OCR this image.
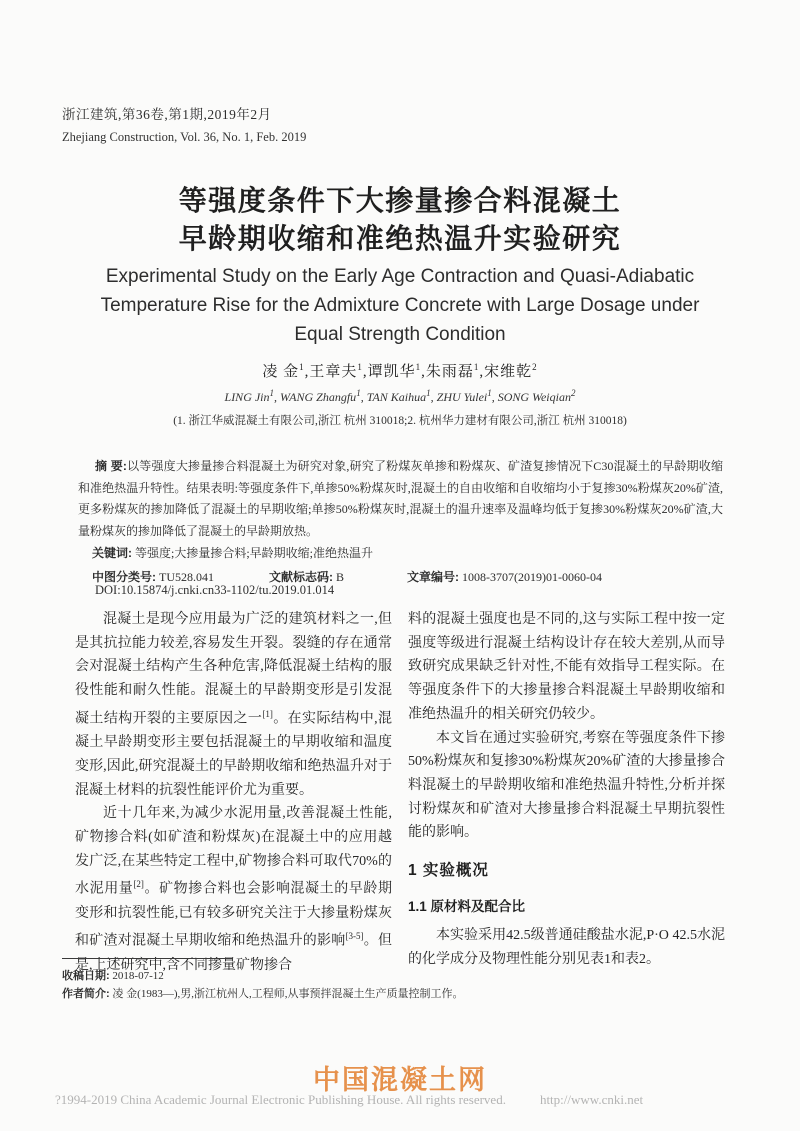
浙江建筑,第36卷,第1期,2019年2月
Zhejiang Construction, Vol. 36, No. 1, Feb. 2019
等强度条件下大掺量掺合料混凝土
早龄期收缩和准绝热温升实验研究
Experimental Study on the Early Age Contraction and Quasi-Adiabatic
Temperature Rise for the Admixture Concrete with Large Dosage under
Equal Strength Condition
凌 金$^1$,王章夫$^1$,谭凯华$^1$,朱雨磊$^1$,宋维乾$^2$
LING Jin$^1$, WANG Zhangfu$^1$, TAN Kaihua$^1$, ZHU Yulei$^1$, SONG Weiqian$^2$
(1. 浙江华威混凝土有限公司,浙江 杭州 310018;2. 杭州华力建材有限公司,浙江 杭州 310018)

摘 要:以等强度大掺量掺合料混凝土为研究对象,研究了粉煤灰单掺和粉煤灰、矿渣复掺情况下C30混凝土的早龄期收缩和准绝热温升特性。结果表明:等强度条件下,单掺50%粉煤灰时,混凝土的自由收缩和自收缩均小于复掺30%粉煤灰20%矿渣,更多粉煤灰的掺加降低了混凝土的早期收缩;单掺50%粉煤灰时,混凝土的温升速率及温峰均低于复掺30%粉煤灰20%矿渣,大量粉煤灰的掺加降低了混凝土的早龄期放热。

关键词: 等强度;大掺量掺合料;早龄期收缩;准绝热温升

中图分类号: TU528.041	文献标志码: B	文章编号: 1008-3707(2019)01-0060-04

DOI:10.15874/j.cnki.cn33-1102/tu.2019.01.014

混凝土是现今应用最为广泛的建筑材料之一,但是其抗拉能力较差,容易发生开裂。裂缝的存在通常会对混凝土结构产生各种危害,降低混凝土结构的服役性能和耐久性能。混凝土的早龄期变形是引发混凝土结构开裂的主要原因之一[1]。在实际结构中,混凝土早龄期变形主要包括混凝土的早期收缩和温度变形,因此,研究混凝土的早龄期收缩和绝热温升对于混凝土材料的抗裂性能评价尤为重要。

近十几年来,为减少水泥用量,改善混凝土性能,矿物掺合料(如矿渣和粉煤灰)在混凝土中的应用越发广泛,在某些特定工程中,矿物掺合料可取代70%的水泥用量[2]。矿物掺合料也会影响混凝土的早龄期变形和抗裂性能,已有较多研究关注于大掺量粉煤灰和矿渣对混凝土早期收缩和绝热温升的影响[3-5]。但是,上述研究中,含不同掺量矿物掺合

料的混凝土强度也是不同的,这与实际工程中按一定强度等级进行混凝土结构设计存在较大差别,从而导致研究成果缺乏针对性,不能有效指导工程实际。在等强度条件下的大掺量掺合料混凝土早龄期收缩和准绝热温升的相关研究仍较少。

本文旨在通过实验研究,考察在等强度条件下掺50%粉煤灰和复掺30%粉煤灰20%矿渣的大掺量掺合料混凝土的早龄期收缩和准绝热温升特性,分析并探讨粉煤灰和矿渣对大掺量掺合料混凝土早期抗裂性能的影响。

1 实验概况
1.1 原材料及配合比

本实验采用42.5级普通硅酸盐水泥,P·O 42.5水泥的化学成分及物理性能分别见表1和表2。

收稿日期: 2018-07-12

作者简介: 凌 金(1983—),男,浙江杭州人,工程师,从事预拌混凝土生产质量控制工作。

中国混凝土网
?1994-2019 China Academic Journal Electronic Publishing House. All rights reserved.	http://www.cnki.net
